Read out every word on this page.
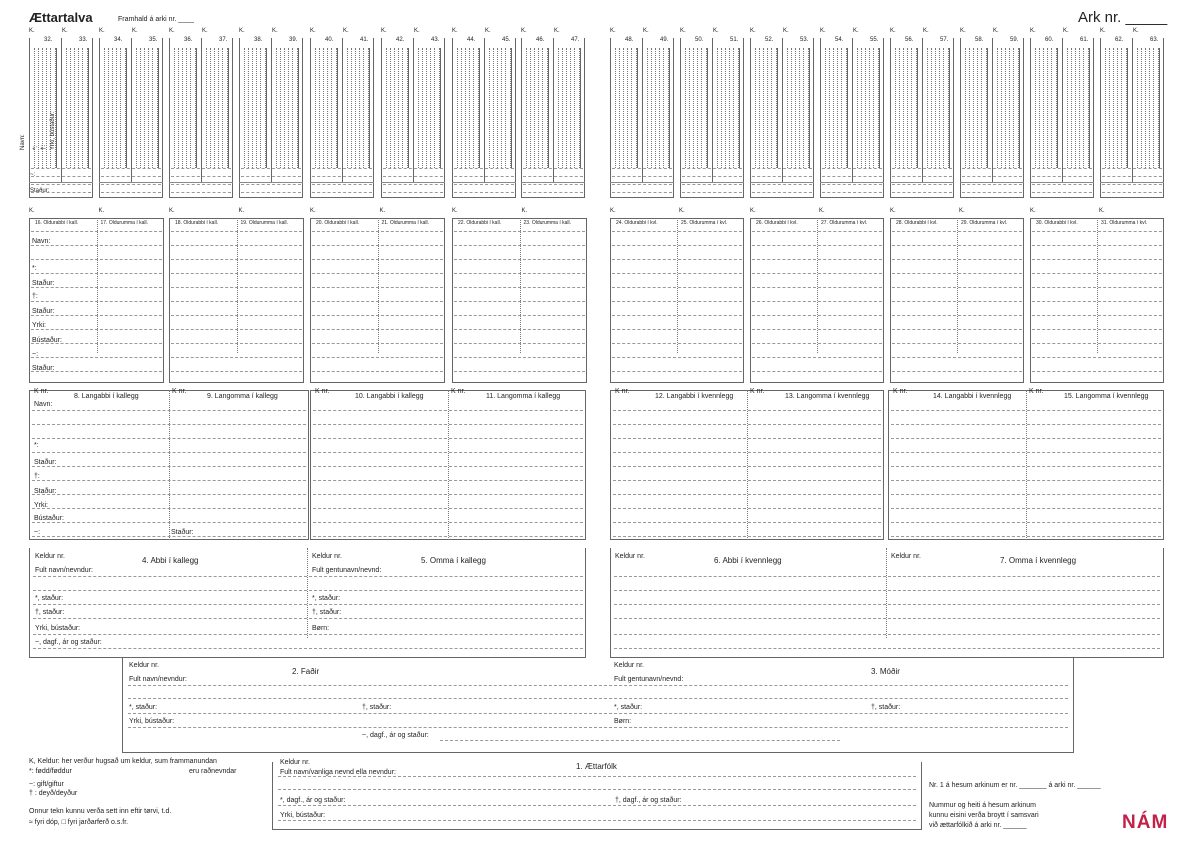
Ættartalva	Framhald á arki nr. ____	Ark nr. _____
K.	K.
32.	33.
~:
Staður:
Navn: *: †: Yrki, bústaður:
K.	K.
34.	35.
K.	K.
36.	37.
K.	K.
38.	39.
K.	K.
40.	41.
K.	K.
42.	43.
K.	K.
44.	45.
K.	K.
46.	47.
K.	K.
48.	49.
K.	K.
50.	51.
K.	K.
52.	53.
K.	K.
54.	55.
K.	K.
56.	57.
K.	K.
58.	59.
K.	K.
60.	61.
K.	K.
62.	63.
K.	K.
16. Oldurabbi í kall.	17. Oldurumma í kall.
Navn:
*:
Staður:
†:
Staður:
Yrki:
Bústaður:
~:
Staður:
K.	K.
18. Oldurabbi í kall.	19. Oldurumma í kall.
K.	K.
20. Oldurabbi í kall.	21. Oldurumma í kall.
K.	K.
22. Oldurabbi í kall.	23. Oldurumma í kall.
K.	K.
24. Oldurabbi í kvl.	25. Oldurumma í kvl.
K.	K.
26. Oldurabbi í kvl.	27. Oldurumma í kvl.
K.	K.
28. Oldurabbi í kvl.	29. Oldurumma í kvl.
K.	K.
30. Oldurabbi í kvl.	31. Oldurumma í kvl.
K nr.	K nr.
8. Langabbi í kallegg	9. Langomma í kallegg
Navn:
*:
Staður:
†:
Staður:
Yrki:
Bústaður:
~:	Staður:
K nr.	K nr.
10. Langabbi í kallegg	11. Langomma í kallegg
K nr.	K nr.
12. Langabbi í kvennlegg	13. Langomma í kvennlegg
K nr.	K nr.
14. Langabbi í kvennlegg	15. Langomma í kvennlegg
Keldur nr.	4. Abbi í kallegg	Keldur nr.	5. Omma í kallegg
Fult navn/nevndur:	Fult gentunavn/nevnd:
*, staður:	*, staður:
†, staður:	†, staður:
Yrki, bústaður:	Børn:
~, dagf., ár og staður:
Keldur nr.	6. Abbi í kvennlegg	Keldur nr.	7. Omma í kvennlegg
Keldur nr.
2. Faðir
Keldur nr.
3. Móðir
Fult navn/nevndur:	Fult gentunavn/nevnd:
*, staður:	†, staður:	*, staður:	†, staður:
Yrki, bústaður:	Børn:
~, dagf., ár og staður:
K, Keldur: her verður hugsað um keldur, sum frammanundan
*: fødd/føddur	eru raðnevndar
~: gift/giftur
† : deyð/deyður
Onnur tekn kunnu verða sett inn eftir tørvi, t.d.
≈ fyri dóp, □ fyri jarðarferð o.s.fr.
Keldur nr.	1. Ættarfólk
Fult navn/vanliga nevnd ella nevndur:
*, dagf., ár og staður:	†, dagf., ár og staður:
Yrki, bústaður:
Nr. 1 á hesum arkinum er nr. _______ á arki nr. ______
Nummur og heiti á hesum arkinum
kunnu eisini verða broytt í samsvari
við ættarfólkið á arki nr. ______	NÁM
